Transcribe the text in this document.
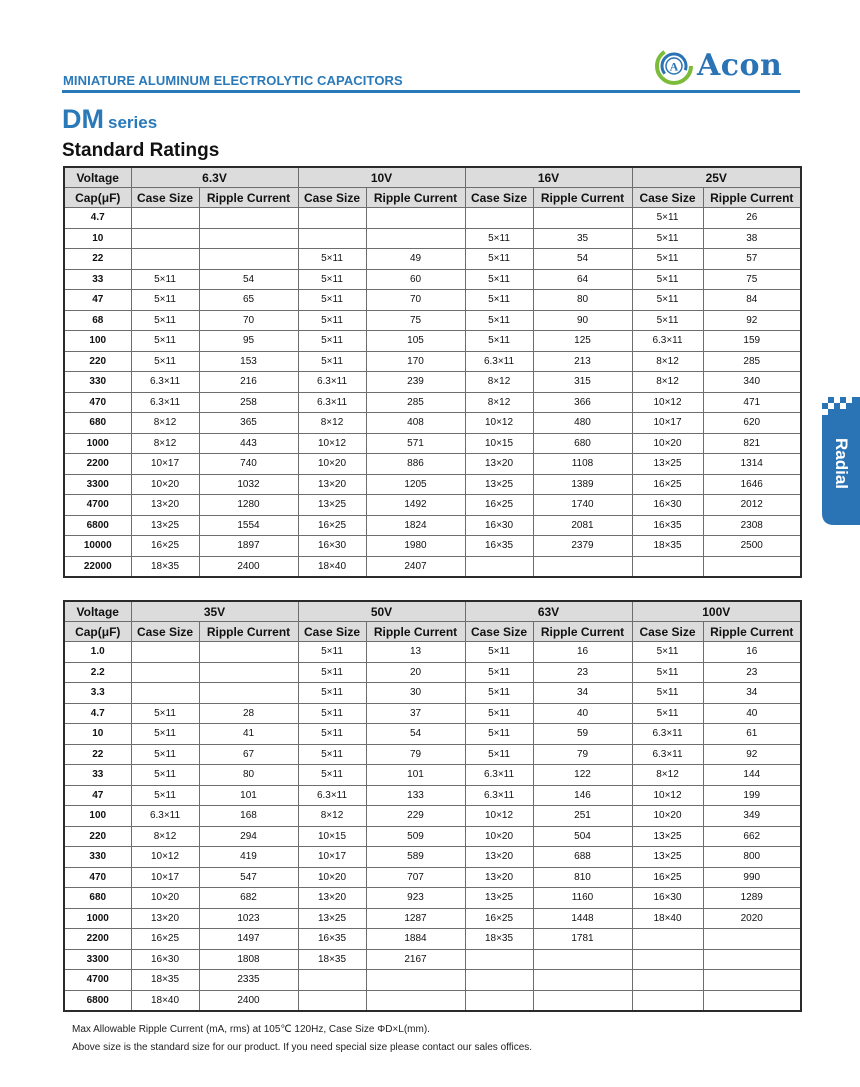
MINIATURE ALUMINUM ELECTROLYTIC CAPACITORS
A Acon
DM series
Standard Ratings
Voltage	6.3V		10V		16V		25V	
Cap(μF)	Case Size	Ripple Current	Case Size	Ripple Current	Case Size	Ripple Current	Case Size	Ripple Current
4.7							5×11	26
10					5×11	35	5×11	38
22			5×11	49	5×11	54	5×11	57
33	5×11	54	5×11	60	5×11	64	5×11	75
47	5×11	65	5×11	70	5×11	80	5×11	84
68	5×11	70	5×11	75	5×11	90	5×11	92
100	5×11	95	5×11	105	5×11	125	6.3×11	159
220	5×11	153	5×11	170	6.3×11	213	8×12	285
330	6.3×11	216	6.3×11	239	8×12	315	8×12	340
470	6.3×11	258	6.3×11	285	8×12	366	10×12	471
680	8×12	365	8×12	408	10×12	480	10×17	620
1000	8×12	443	10×12	571	10×15	680	10×20	821
2200	10×17	740	10×20	886	13×20	1108	13×25	1314
3300	10×20	1032	13×20	1205	13×25	1389	16×25	1646
4700	13×20	1280	13×25	1492	16×25	1740	16×30	2012
6800	13×25	1554	16×25	1824	16×30	2081	16×35	2308
10000	16×25	1897	16×30	1980	16×35	2379	18×35	2500
22000	18×35	2400	18×40	2407				
Voltage	35V		50V		63V		100V	
Cap(μF)	Case Size	Ripple Current	Case Size	Ripple Current	Case Size	Ripple Current	Case Size	Ripple Current
1.0			5×11	13	5×11	16	5×11	16
2.2			5×11	20	5×11	23	5×11	23
3.3			5×11	30	5×11	34	5×11	34
4.7	5×11	28	5×11	37	5×11	40	5×11	40
10	5×11	41	5×11	54	5×11	59	6.3×11	61
22	5×11	67	5×11	79	5×11	79	6.3×11	92
33	5×11	80	5×11	101	6.3×11	122	8×12	144
47	5×11	101	6.3×11	133	6.3×11	146	10×12	199
100	6.3×11	168	8×12	229	10×12	251	10×20	349
220	8×12	294	10×15	509	10×20	504	13×25	662
330	10×12	419	10×17	589	13×20	688	13×25	800
470	10×17	547	10×20	707	13×20	810	16×25	990
680	10×20	682	13×20	923	13×25	1160	16×30	1289
1000	13×20	1023	13×25	1287	16×25	1448	18×40	2020
2200	16×25	1497	16×35	1884	18×35	1781		
3300	16×30	1808	18×35	2167				
4700	18×35	2335						
6800	18×40	2400						
Max Allowable Ripple Current (mA, rms) at 105℃ 120Hz, Case Size ΦD×L(mm).
Above size is the standard size for our product. If you need special size please contact our sales offices.
Radial
